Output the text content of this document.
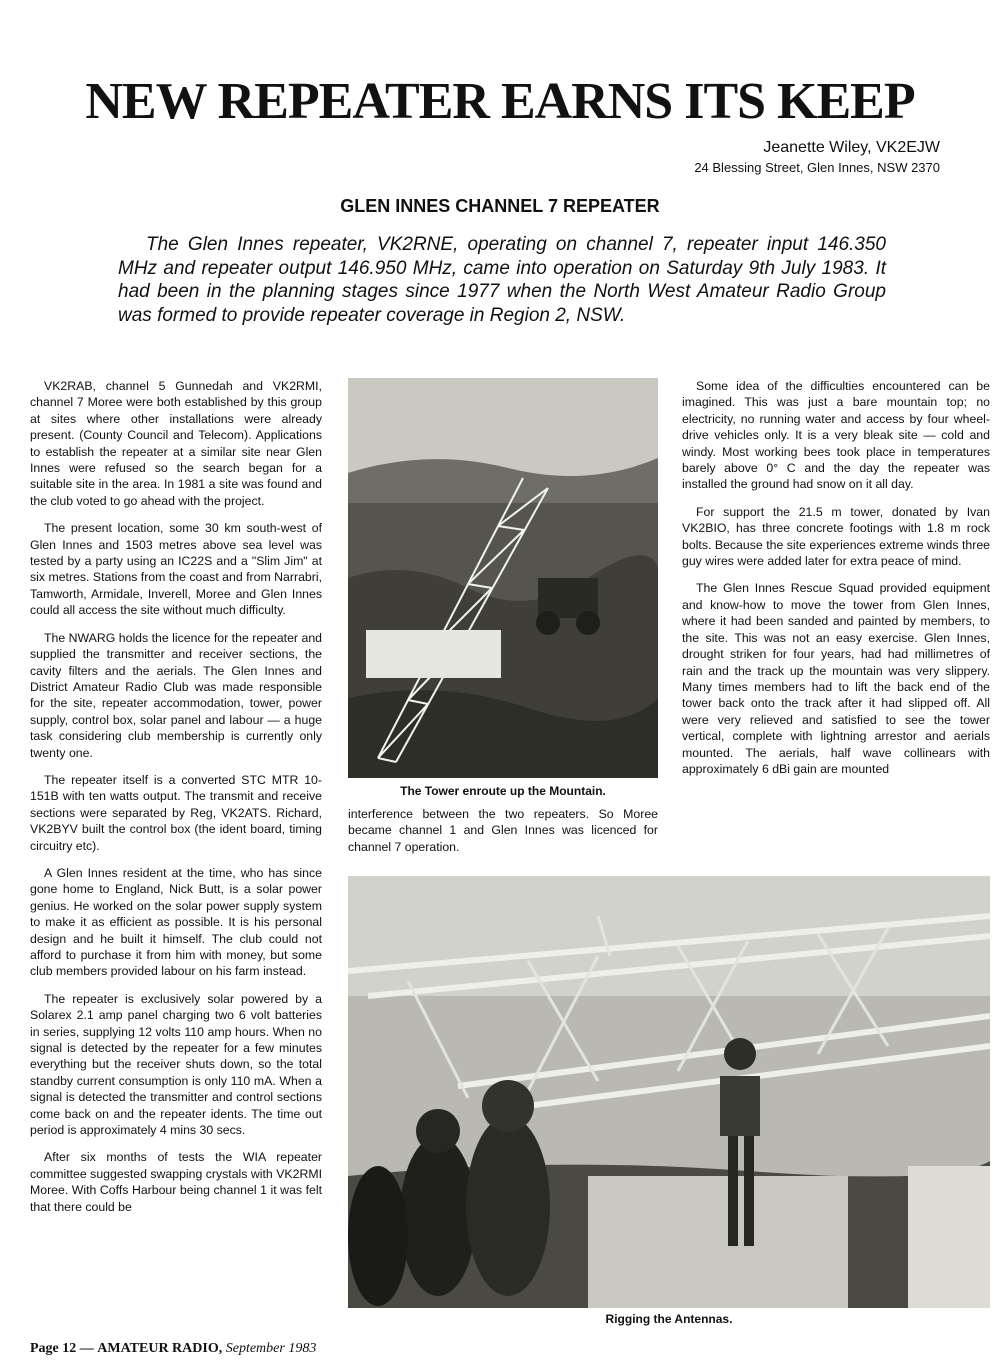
NEW REPEATER EARNS ITS KEEP
Jeanette Wiley, VK2EJW
24 Blessing Street, Glen Innes, NSW 2370
GLEN INNES CHANNEL 7 REPEATER

The Glen Innes repeater, VK2RNE, operating on channel 7, repeater input 146.350 MHz and repeater output 146.950 MHz, came into operation on Saturday 9th July 1983. It had been in the planning stages since 1977 when the North West Amateur Radio Group was formed to provide repeater coverage in Region 2, NSW.

VK2RAB, channel 5 Gunnedah and VK2RMI, channel 7 Moree were both established by this group at sites where other installations were already present. (County Council and Telecom). Applications to establish the repeater at a similar site near Glen Innes were refused so the search began for a suitable site in the area. In 1981 a site was found and the club voted to go ahead with the project.

The present location, some 30 km south-west of Glen Innes and 1503 metres above sea level was tested by a party using an IC22S and a "Slim Jim" at six metres. Stations from the coast and from Narrabri, Tamworth, Armidale, Inverell, Moree and Glen Innes could all access the site without much difficulty.

The NWARG holds the licence for the repeater and supplied the transmitter and receiver sections, the cavity filters and the aerials. The Glen Innes and District Amateur Radio Club was made responsible for the site, repeater accommodation, tower, power supply, control box, solar panel and labour — a huge task considering club membership is currently only twenty one.

The repeater itself is a converted STC MTR 10-151B with ten watts output. The transmit and receive sections were separated by Reg, VK2ATS. Richard, VK2BYV built the control box (the ident board, timing circuitry etc).

A Glen Innes resident at the time, who has since gone home to England, Nick Butt, is a solar power genius. He worked on the solar power supply system to make it as efficient as possible. It is his personal design and he built it himself. The club could not afford to purchase it from him with money, but some club members provided labour on his farm instead.

The repeater is exclusively solar powered by a Solarex 2.1 amp panel charging two 6 volt batteries in series, supplying 12 volts 110 amp hours. When no signal is detected by the repeater for a few minutes everything but the receiver shuts down, so the total standby current consumption is only 110 mA. When a signal is detected the transmitter and control sections come back on and the repeater idents. The time out period is approximately 4 mins 30 secs.

After six months of tests the WIA repeater committee suggested swapping crystals with VK2RMI Moree. With Coffs Harbour being channel 1 it was felt that there could be

The Tower enroute up the Mountain.

interference between the two repeaters. So Moree became channel 1 and Glen Innes was licenced for channel 7 operation.

Some idea of the difficulties encountered can be imagined. This was just a bare mountain top; no electricity, no running water and access by four wheel-drive vehicles only. It is a very bleak site — cold and windy. Most working bees took place in temperatures barely above 0° C and the day the repeater was installed the ground had snow on it all day.

For support the 21.5 m tower, donated by Ivan VK2BIO, has three concrete footings with 1.8 m rock bolts. Because the site experiences extreme winds three guy wires were added later for extra peace of mind.

The Glen Innes Rescue Squad provided equipment and know-how to move the tower from Glen Innes, where it had been sanded and painted by members, to the site. This was not an easy exercise. Glen Innes, drought striken for four years, had had millimetres of rain and the track up the mountain was very slippery. Many times members had to lift the back end of the tower back onto the track after it had slipped off. All were very relieved and satisfied to see the tower vertical, complete with lightning arrestor and aerials mounted. The aerials, half wave collinears with approximately 6 dBi gain are mounted

Rigging the Antennas.
Page 12 — AMATEUR RADIO, September 1983
